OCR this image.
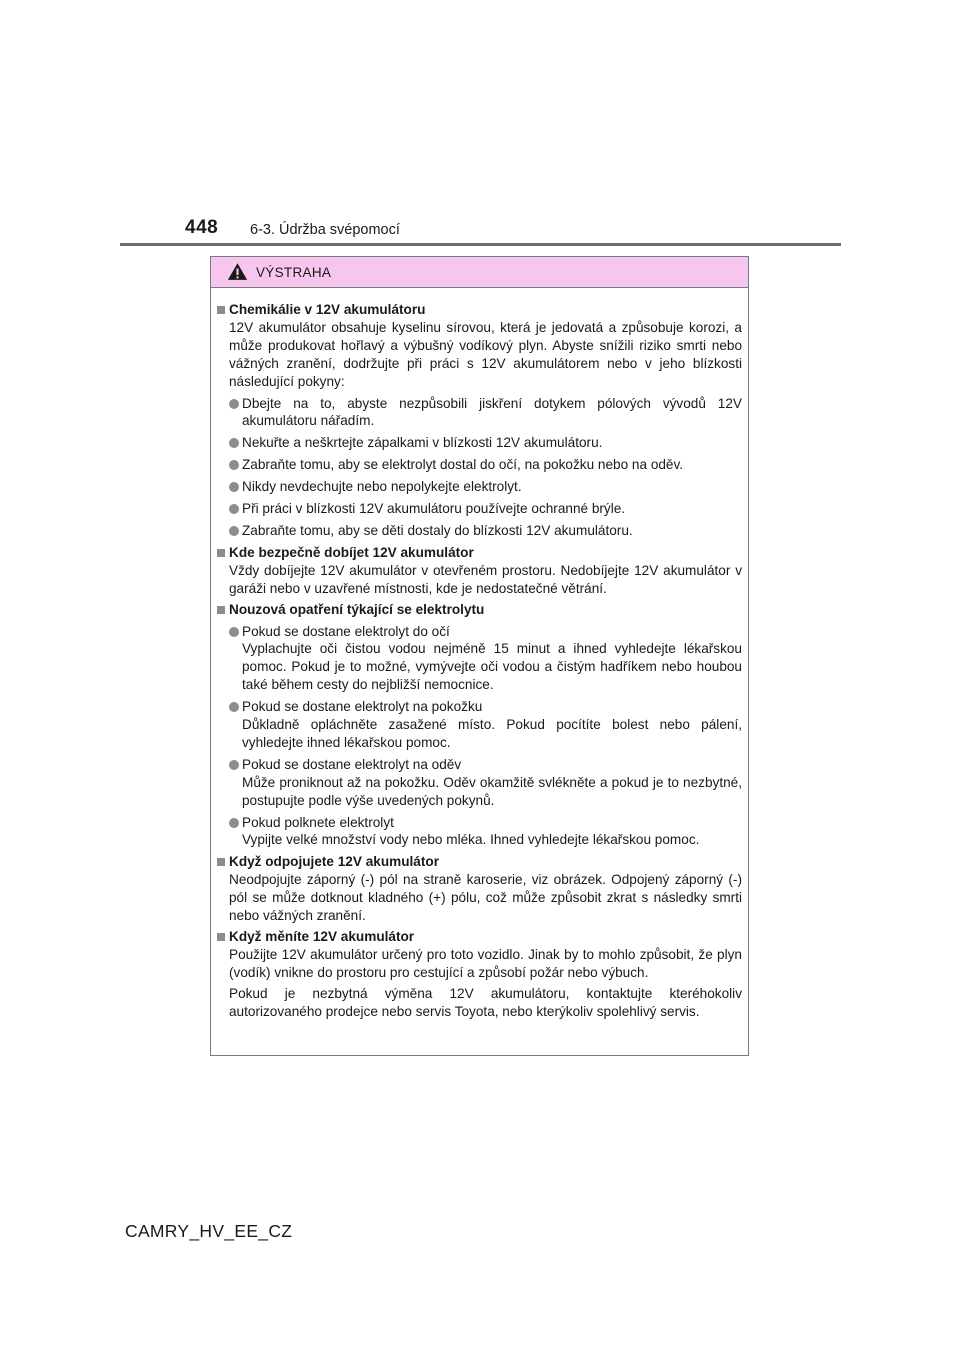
448 6-3. Údržba svépomocí
VÝSTRAHA
Chemikálie v 12V akumulátoru
12V akumulátor obsahuje kyselinu sírovou, která je jedovatá a způsobuje korozi, a může produkovat hořlavý a výbušný vodíkový plyn. Abyste snížili riziko smrti nebo vážných zranění, dodržujte při práci s 12V akumulátorem nebo v jeho blízkosti následující pokyny:
Dbejte na to, abyste nezpůsobili jiskření dotykem pólových vývodů 12V akumulátoru nářadím.
Nekuřte a neškrtejte zápalkami v blízkosti 12V akumulátoru.
Zabraňte tomu, aby se elektrolyt dostal do očí, na pokožku nebo na oděv.
Nikdy nevdechujte nebo nepolykejte elektrolyt.
Při práci v blízkosti 12V akumulátoru používejte ochranné brýle.
Zabraňte tomu, aby se děti dostaly do blízkosti 12V akumulátoru.
Kde bezpečně dobíjet 12V akumulátor
Vždy dobíjejte 12V akumulátor v otevřeném prostoru. Nedobíjejte 12V akumulátor v garáži nebo v uzavřené místnosti, kde je nedostatečné větrání.
Nouzová opatření týkající se elektrolytu
Pokud se dostane elektrolyt do očí
Vyplachujte oči čistou vodou nejméně 15 minut a ihned vyhledejte lékařskou pomoc. Pokud je to možné, vymývejte oči vodou a čistým hadříkem nebo houbou také během cesty do nejbližší nemocnice.
Pokud se dostane elektrolyt na pokožku
Důkladně opláchněte zasažené místo. Pokud pocítíte bolest nebo pálení, vyhledejte ihned lékařskou pomoc.
Pokud se dostane elektrolyt na oděv
Může proniknout až na pokožku. Oděv okamžitě svlékněte a pokud je to nezbytné, postupujte podle výše uvedených pokynů.
Pokud polknete elektrolyt
Vypijte velké množství vody nebo mléka. Ihned vyhledejte lékařskou pomoc.
Když odpojujete 12V akumulátor
Neodpojujte záporný (-) pól na straně karoserie, viz obrázek. Odpojený záporný (-) pól se může dotknout kladného (+) pólu, což může způsobit zkrat s následky smrti nebo vážných zranění.
Když měníte 12V akumulátor
Použijte 12V akumulátor určený pro toto vozidlo. Jinak by to mohlo způsobit, že plyn (vodík) vnikne do prostoru pro cestující a způsobí požár nebo výbuch.
Pokud je nezbytná výměna 12V akumulátoru, kontaktujte kteréhokoliv autorizovaného prodejce nebo servis Toyota, nebo kterýkoliv spolehlivý servis.
CAMRY_HV_EE_CZ
